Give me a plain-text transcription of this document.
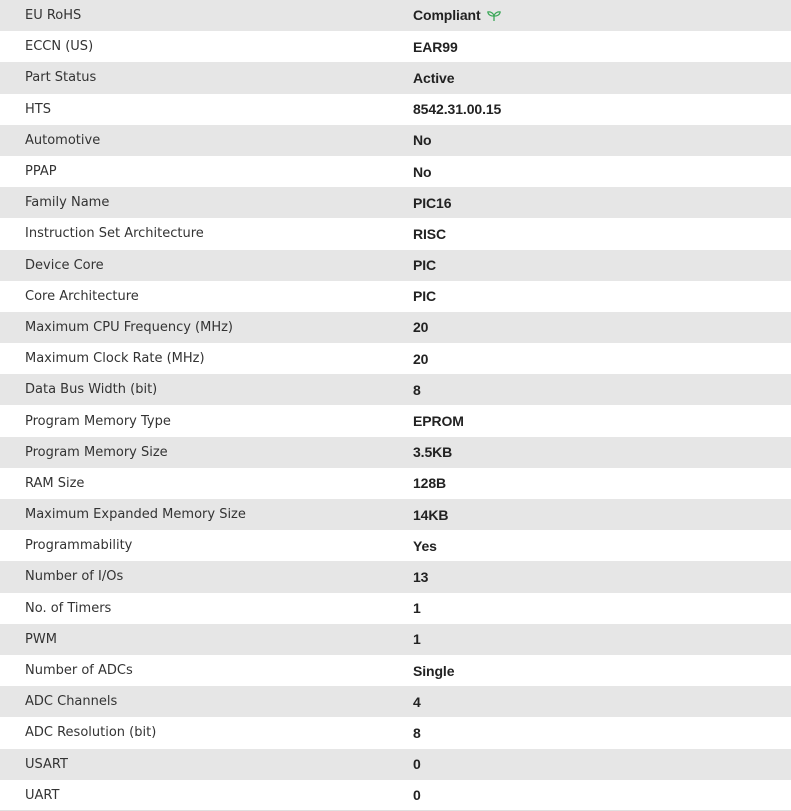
EU RoHS	Compliant
ECCN (US)	EAR99
Part Status	Active
HTS	8542.31.00.15
Automotive	No
PPAP	No
Family Name	PIC16
Instruction Set Architecture	RISC
Device Core	PIC
Core Architecture	PIC
Maximum CPU Frequency (MHz)	20
Maximum Clock Rate (MHz)	20
Data Bus Width (bit)	8
Program Memory Type	EPROM
Program Memory Size	3.5KB
RAM Size	128B
Maximum Expanded Memory Size	14KB
Programmability	Yes
Number of I/Os	13
No. of Timers	1
PWM	1
Number of ADCs	Single
ADC Channels	4
ADC Resolution (bit)	8
USART	0
UART	0
